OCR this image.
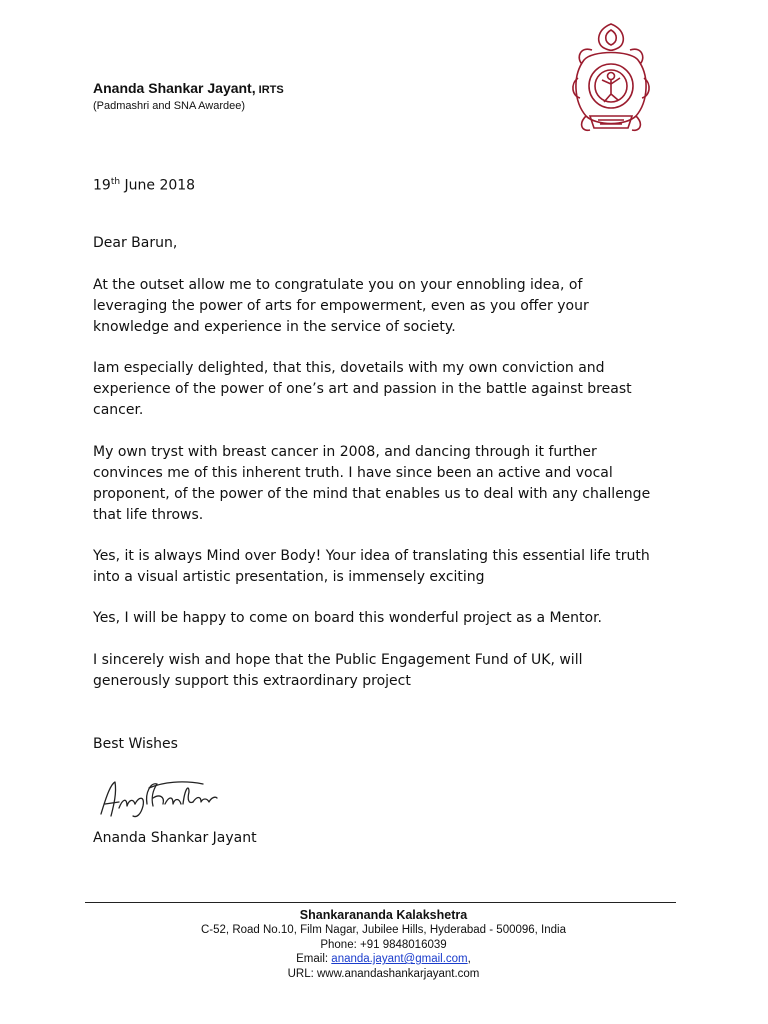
Ananda Shankar Jayant, IRTS
(Padmashri and SNA Awardee)
19th June 2018
Dear Barun,
At the outset allow me to congratulate you on your ennobling idea, of leveraging the power of arts for empowerment, even as you offer your knowledge and experience in the service of society.
Iam especially delighted, that this, dovetails with my own conviction and experience of the power of one’s art and passion in the battle against breast cancer.
My own tryst with breast cancer in 2008, and dancing through it further convinces me of this inherent truth. I have since been an active and vocal proponent, of the power of the mind that enables us to deal with any challenge that life throws.
Yes, it is always Mind over Body! Your idea of translating this essential life truth into a visual artistic presentation, is immensely exciting
Yes, I will be happy to come on board this wonderful project as a Mentor.
I sincerely wish and hope that the Public Engagement Fund of UK, will generously support this extraordinary project
Best Wishes
Ananda Shankar Jayant
Shankarananda Kalakshetra
C-52, Road No.10, Film Nagar, Jubilee Hills, Hyderabad - 500096, India
Phone: +91 9848016039
Email: ananda.jayant@gmail.com,
URL: www.anandashankarjayant.com
